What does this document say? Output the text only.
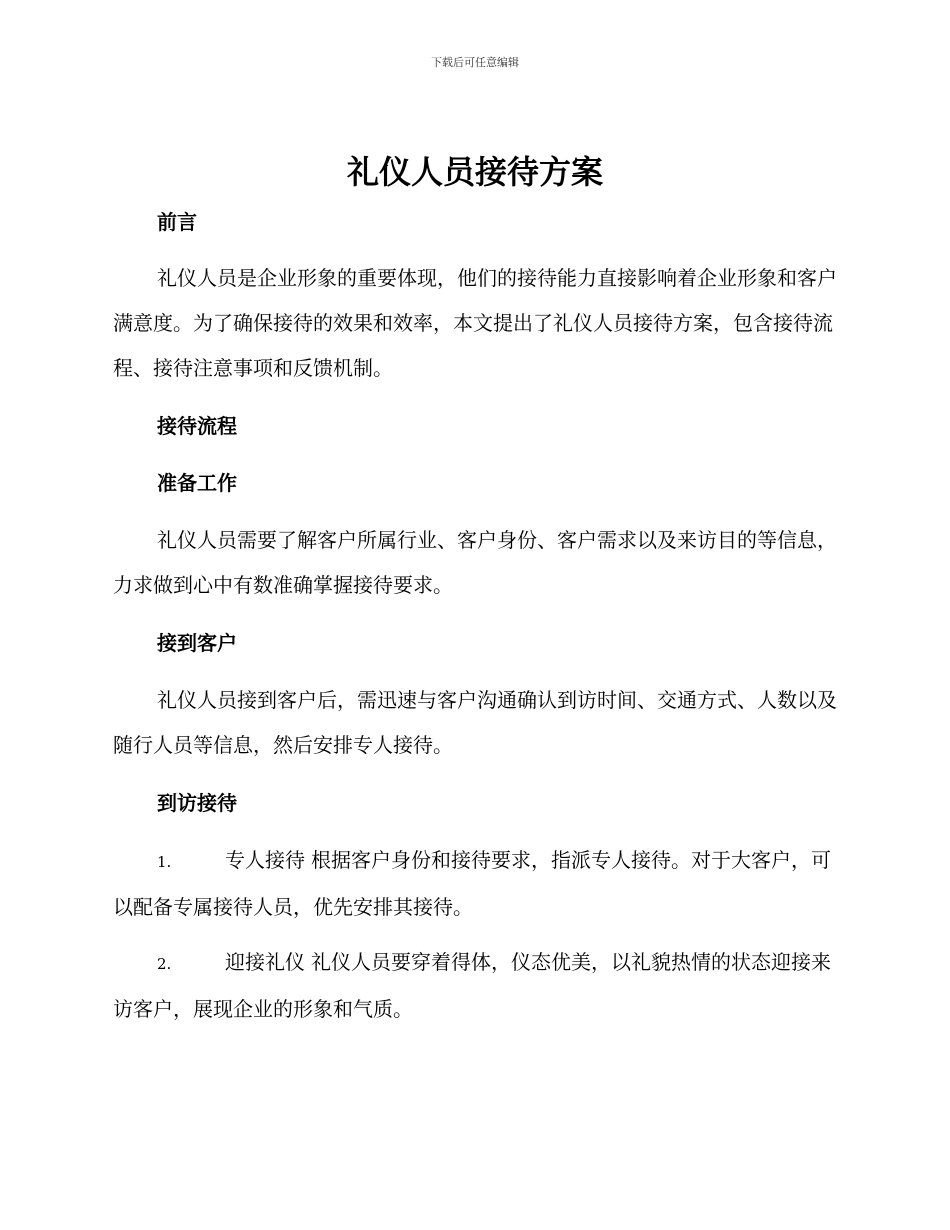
下载后可任意编辑
礼仪人员接待方案
前言

礼仪人员是企业形象的重要体现，他们的接待能力直接影响着企业形象和客户满意度。为了确保接待的效果和效率，本文提出了礼仪人员接待方案，包含接待流程、接待注意事项和反馈机制。

接待流程
准备工作

礼仪人员需要了解客户所属行业、客户身份、客户需求以及来访目的等信息，力求做到心中有数准确掌握接待要求。

接到客户

礼仪人员接到客户后，需迅速与客户沟通确认到访时间、交通方式、人数以及随行人员等信息，然后安排专人接待。

到访接待

1.	专人接待 根据客户身份和接待要求，指派专人接待。对于大客户，可以配备专属接待人员，优先安排其接待。

2.	迎接礼仪 礼仪人员要穿着得体，仪态优美，以礼貌热情的状态迎接来访客户，展现企业的形象和气质。
